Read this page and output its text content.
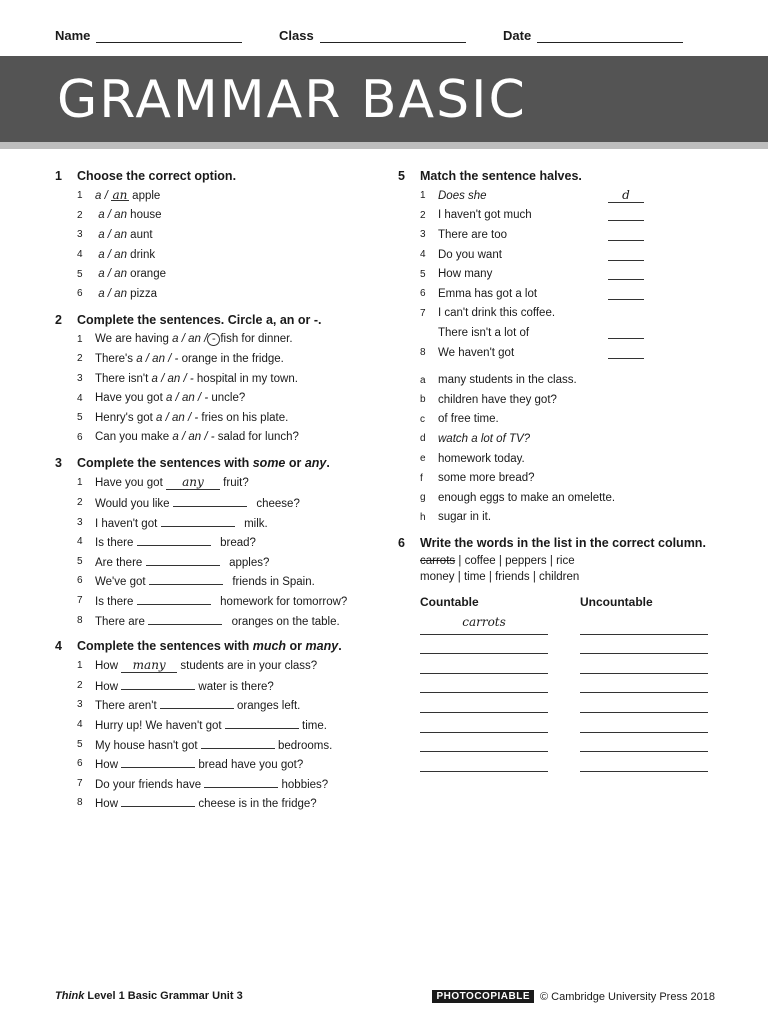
Name	Class	Date
GRAMMAR BASIC
1	Choose the correct option.
1	a / an apple
2	a / an house
3	a / an aunt
4	a / an drink
5	a / an orange
6	a / an pizza
2	Complete the sentences. Circle a, an or -.
1	We are having a / an / - fish for dinner.
2	There's a / an / - orange in the fridge.
3	There isn't a / an / - hospital in my town.
4	Have you got a / an / - uncle?
5	Henry's got a / an / - fries on his plate.
6	Can you make a / an / - salad for lunch?
3	Complete the sentences with some or any.
1	Have you got any fruit?
2	Would you like	cheese?
3	I haven't got	milk.
4	Is there	bread?
5	Are there	apples?
6	We've got	friends in Spain.
7	Is there	homework for tomorrow?
8	There are	oranges on the table.
4	Complete the sentences with much or many.
1	How many students are in your class?
2	How	water is there?
3	There aren't	oranges left.
4	Hurry up! We haven't got	time.
5	My house hasn't got	bedrooms.
6	How	bread have you got?
7	Do your friends have	hobbies?
8	How	cheese is in the fridge?
5	Match the sentence halves.
1	Does she	d
2	I haven't got much
3	There are too
4	Do you want
5	How many
6	Emma has got a lot
7	I can't drink this coffee.
There isn't a lot of
8	We haven't got
a	many students in the class.
b	children have they got?
c	of free time.
d	watch a lot of TV?
e	homework today.
f	some more bread?
g	enough eggs to make an omelette.
h	sugar in it.
6	Write the words in the list in the correct column.
carrots | coffee | peppers | rice
money | time | friends | children
Countable	Uncountable
carrots
Think Level 1 Basic Grammar Unit 3	PHOTOCOPIABLE © Cambridge University Press 2018
